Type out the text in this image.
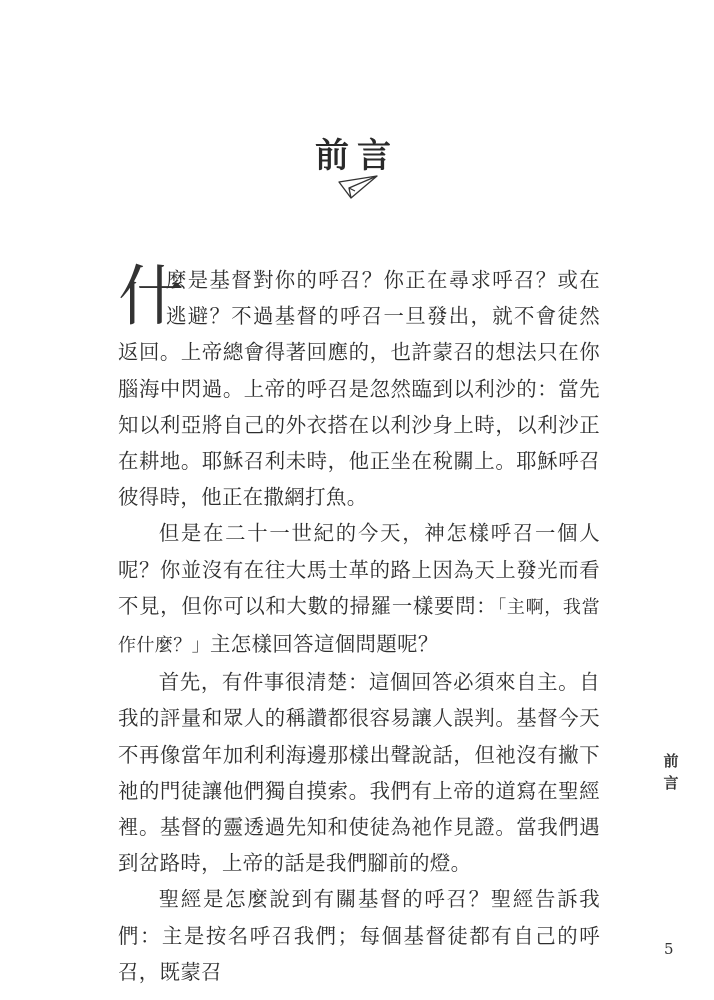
前言

什
麼是基督對你的呼召？你正在尋求呼召？或在逃避？不過基督的呼召一旦發出，就不會徒然返回。上帝總會得著回應的，也許蒙召的想法只在你腦海中閃過。上帝的呼召是忽然臨到以利沙的：當先知以利亞將自己的外衣搭在以利沙身上時，以利沙正在耕地。耶穌召利未時，他正坐在稅關上。耶穌呼召彼得時，他正在撒網打魚。

但是在二十一世紀的今天，神怎樣呼召一個人呢？你並沒有在往大馬士革的路上因為天上發光而看不見，但你可以和大數的掃羅一樣要問：「主啊，我當作什麼？」主怎樣回答這個問題呢？

首先，有件事很清楚：這個回答必須來自主。自我的評量和眾人的稱讚都很容易讓人誤判。基督今天不再像當年加利利海邊那樣出聲說話，但祂沒有撇下祂的門徒讓他們獨自摸索。我們有上帝的道寫在聖經裡。基督的靈透過先知和使徒為祂作見證。當我們遇到岔路時，上帝的話是我們腳前的燈。

聖經是怎麼說到有關基督的呼召？聖經告訴我們：主是按名呼召我們；每個基督徒都有自己的呼召，既蒙召

前
言
5
